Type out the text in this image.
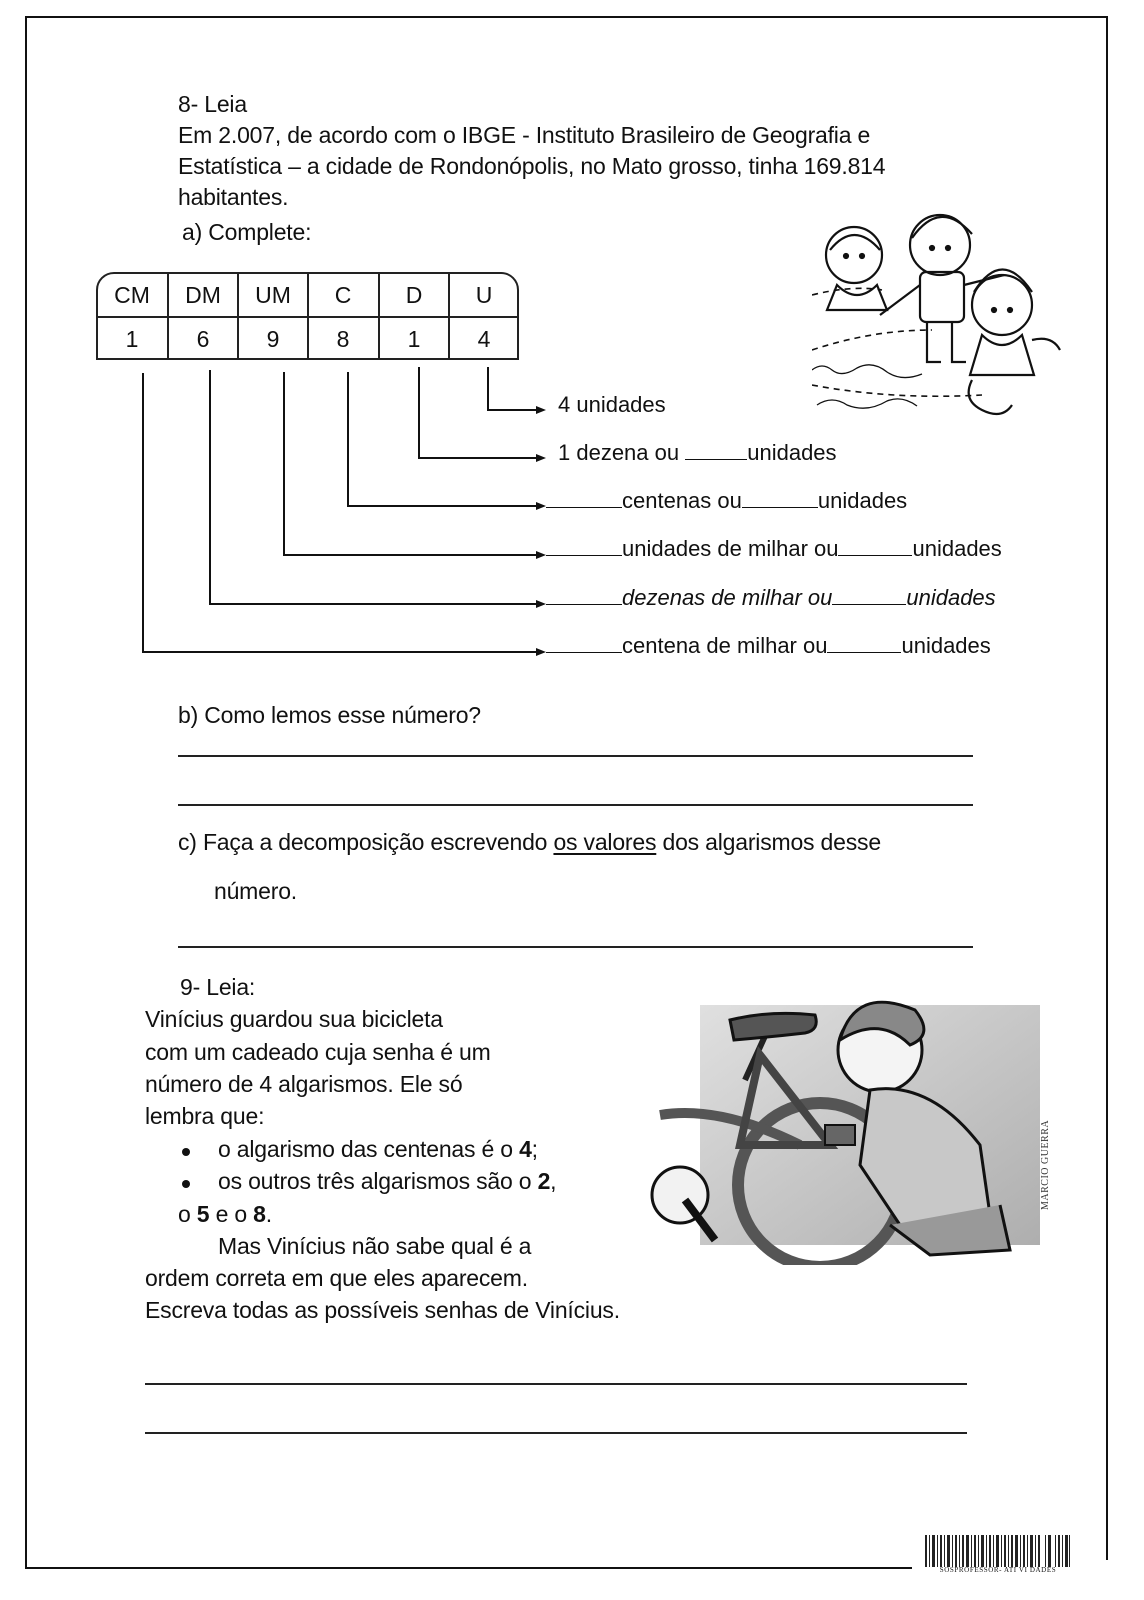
8- Leia
Em 2.007, de acordo com o IBGE - Instituto Brasileiro de Geografia e
Estatística – a cidade de Rondonópolis, no Mato grosso, tinha 169.814
habitantes.
a) Complete:
CM	DM	UM	C	D	U
1	6	9	8	1	4
4 unidades
1 dezena ou	unidades
centenas ou	unidades
unidades de milhar ou	unidades
dezenas de milhar ou	unidades
centena de milhar ou	unidades
b) Como lemos esse número?
c) Faça a decomposição escrevendo os valores dos algarismos desse
número.
9- Leia:
Vinícius guardou sua bicicleta
com um cadeado cuja senha é um
número de 4 algarismos. Ele só
lembra que:
o algarismo das centenas é o 4;
os outros três algarismos são o 2,
o 5 e o 8.
Mas Vinícius não sabe qual é a
ordem correta em que eles aparecem.
Escreva todas as possíveis senhas de Vinícius.
MARCIO GUERRA
SOSPROFESSOR- ATI VI DADES
